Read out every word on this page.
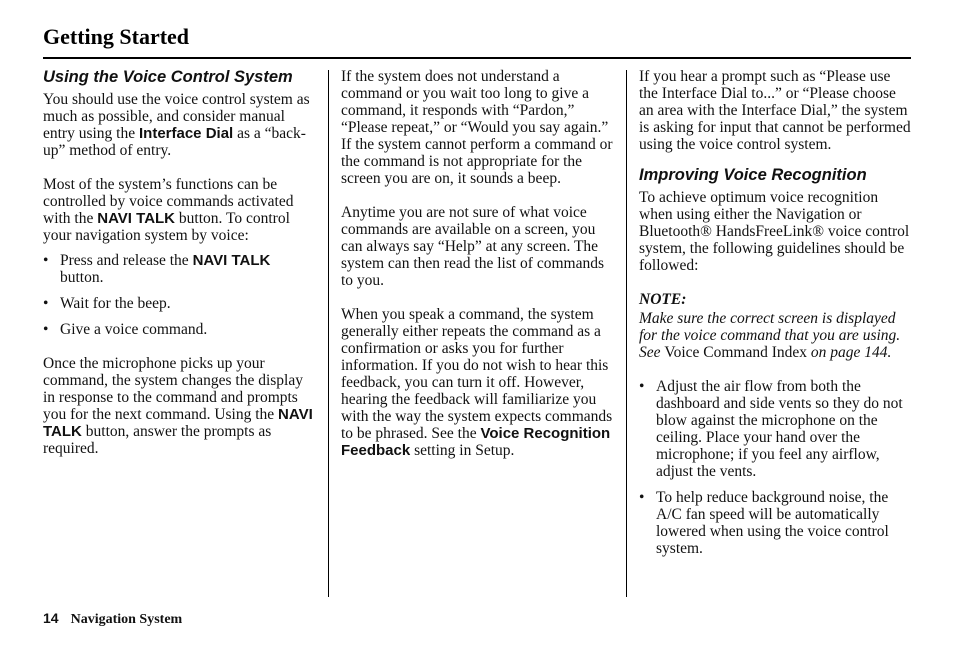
Getting Started
Using the Voice Control System

You should use the voice control system as much as possible, and consider manual entry using the Interface Dial as a “back-up” method of entry.

Most of the system’s functions can be controlled by voice commands activated with the NAVI TALK button. To control your navigation system by voice:

• Press and release the NAVI TALK button.
• Wait for the beep.
• Give a voice command.

Once the microphone picks up your command, the system changes the display in response to the command and prompts you for the next command. Using the NAVI TALK button, answer the prompts as required.

If the system does not understand a command or you wait too long to give a command, it responds with “Pardon,” “Please repeat,” or “Would you say again.” If the system cannot perform a command or the command is not appropriate for the screen you are on, it sounds a beep.

Anytime you are not sure of what voice commands are available on a screen, you can always say “Help” at any screen. The system can then read the list of commands to you.

When you speak a command, the system generally either repeats the command as a confirmation or asks you for further information. If you do not wish to hear this feedback, you can turn it off. However, hearing the feedback will familiarize you with the way the system expects commands to be phrased. See the Voice Recognition Feedback setting in Setup.

If you hear a prompt such as “Please use the Interface Dial to...” or “Please choose an area with the Interface Dial,” the system is asking for input that cannot be performed using the voice control system.

Improving Voice Recognition

To achieve optimum voice recognition when using either the Navigation or Bluetooth® HandsFreeLink® voice control system, the following guidelines should be followed:

NOTE:

Make sure the correct screen is displayed for the voice command that you are using. See Voice Command Index on page 144.

• Adjust the air flow from both the dashboard and side vents so they do not blow against the microphone on the ceiling. Place your hand over the microphone; if you feel any airflow, adjust the vents.
• To help reduce background noise, the A/C fan speed will be automatically lowered when using the voice control system.
14 Navigation System
